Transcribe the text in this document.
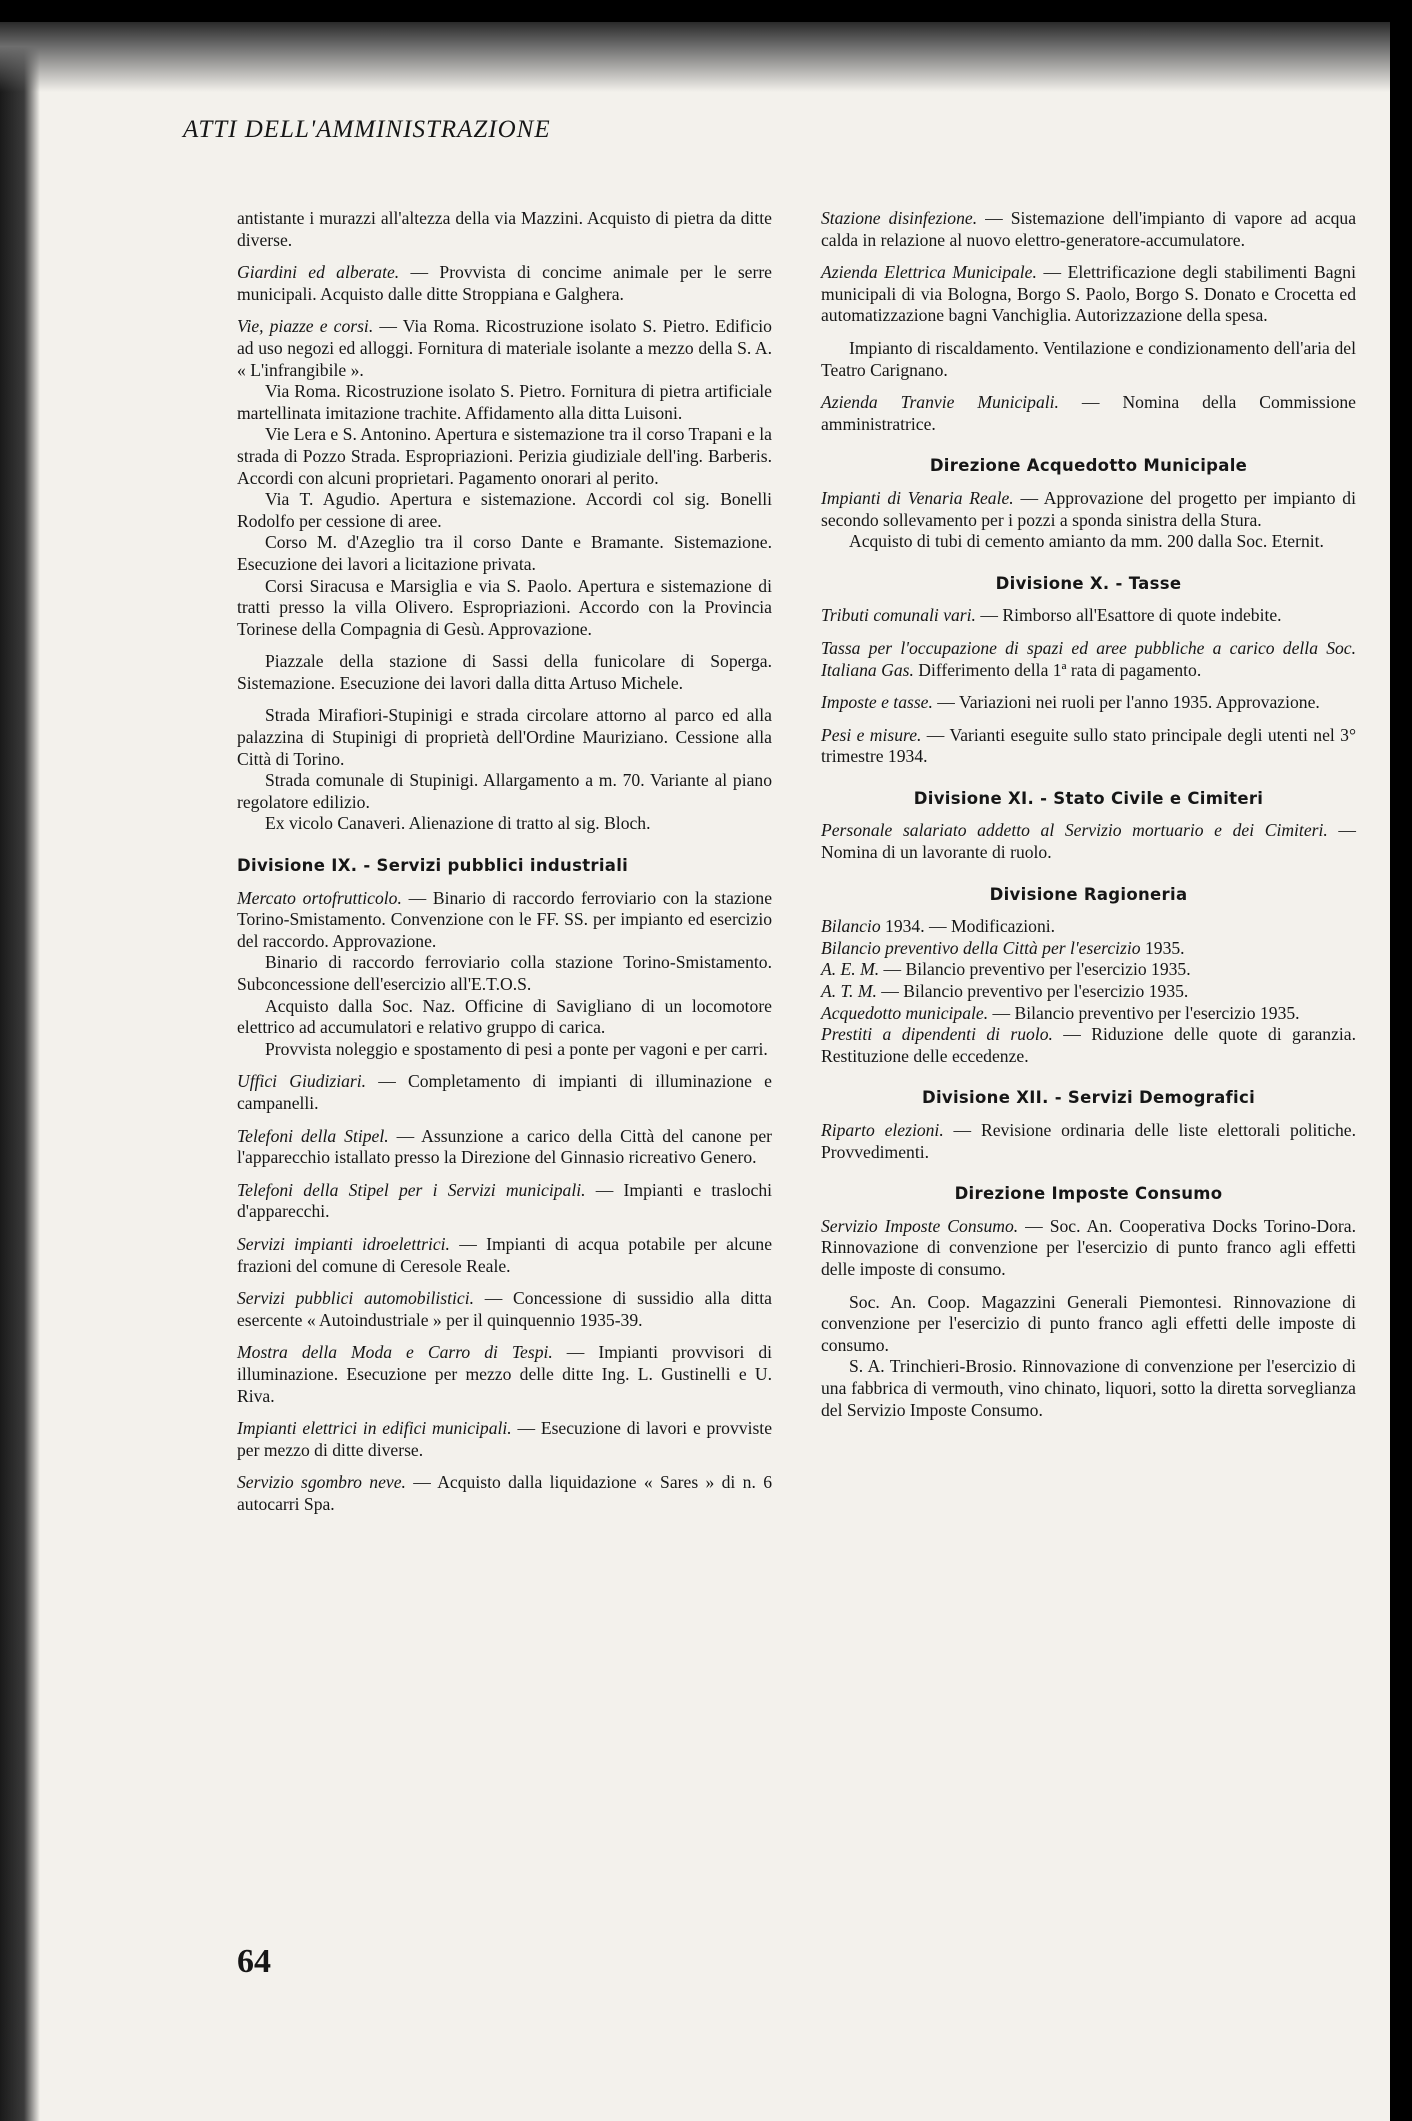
ATTI DELL'AMMINISTRAZIONE

antistante i murazzi all'altezza della via Mazzini. Acquisto di pietra da ditte diverse.

Giardini ed alberate. — Provvista di concime animale per le serre municipali. Acquisto dalle ditte Stroppiana e Galghera.

Vie, piazze e corsi. — Via Roma. Ricostruzione isolato S. Pietro. Edificio ad uso negozi ed alloggi. Fornitura di materiale isolante a mezzo della S. A. « L'infrangibile ».

Via Roma. Ricostruzione isolato S. Pietro. Fornitura di pietra artificiale martellinata imitazione trachite. Affidamento alla ditta Luisoni.

Vie Lera e S. Antonino. Apertura e sistemazione tra il corso Trapani e la strada di Pozzo Strada. Espropriazioni. Perizia giudiziale dell'ing. Barberis. Accordi con alcuni proprietari. Pagamento onorari al perito.

Via T. Agudio. Apertura e sistemazione. Accordi col sig. Bonelli Rodolfo per cessione di aree.

Corso M. d'Azeglio tra il corso Dante e Bramante. Sistemazione. Esecuzione dei lavori a licitazione privata.

Corsi Siracusa e Marsiglia e via S. Paolo. Apertura e sistemazione di tratti presso la villa Olivero. Espropriazioni. Accordo con la Provincia Torinese della Compagnia di Gesù. Approvazione.

Piazzale della stazione di Sassi della funicolare di Soperga. Sistemazione. Esecuzione dei lavori dalla ditta Artuso Michele.

Strada Mirafiori-Stupinigi e strada circolare attorno al parco ed alla palazzina di Stupinigi di proprietà dell'Ordine Mauriziano. Cessione alla Città di Torino.

Strada comunale di Stupinigi. Allargamento a m. 70. Variante al piano regolatore edilizio.

Ex vicolo Canaveri. Alienazione di tratto al sig. Bloch.

Divisione IX. - Servizi pubblici industriali

Mercato ortofrutticolo. — Binario di raccordo ferroviario con la stazione Torino-Smistamento. Convenzione con le FF. SS. per impianto ed esercizio del raccordo. Approvazione.

Binario di raccordo ferroviario colla stazione Torino-Smistamento. Subconcessione dell'esercizio all'E.T.O.S.

Acquisto dalla Soc. Naz. Officine di Savigliano di un locomotore elettrico ad accumulatori e relativo gruppo di carica.

Provvista noleggio e spostamento di pesi a ponte per vagoni e per carri.

Uffici Giudiziari. — Completamento di impianti di illuminazione e campanelli.

Telefoni della Stipel. — Assunzione a carico della Città del canone per l'apparecchio istallato presso la Direzione del Ginnasio ricreativo Genero.

Telefoni della Stipel per i Servizi municipali. — Impianti e traslochi d'apparecchi.

Servizi impianti idroelettrici. — Impianti di acqua potabile per alcune frazioni del comune di Ceresole Reale.

Servizi pubblici automobilistici. — Concessione di sussidio alla ditta esercente « Autoindustriale » per il quinquennio 1935-39.

Mostra della Moda e Carro di Tespi. — Impianti provvisori di illuminazione. Esecuzione per mezzo delle ditte Ing. L. Gustinelli e U. Riva.

Impianti elettrici in edifici municipali. — Esecuzione di lavori e provviste per mezzo di ditte diverse.

Servizio sgombro neve. — Acquisto dalla liquidazione « Sares » di n. 6 autocarri Spa.

Stazione disinfezione. — Sistemazione dell'impianto di vapore ad acqua calda in relazione al nuovo elettro-generatore-accumulatore.

Azienda Elettrica Municipale. — Elettrificazione degli stabilimenti Bagni municipali di via Bologna, Borgo S. Paolo, Borgo S. Donato e Crocetta ed automatizzazione bagni Vanchiglia. Autorizzazione della spesa.

Impianto di riscaldamento. Ventilazione e condizionamento dell'aria del Teatro Carignano.

Azienda Tranvie Municipali. — Nomina della Commissione amministratrice.

Direzione Acquedotto Municipale

Impianti di Venaria Reale. — Approvazione del progetto per impianto di secondo sollevamento per i pozzi a sponda sinistra della Stura.

Acquisto di tubi di cemento amianto da mm. 200 dalla Soc. Eternit.

Divisione X. - Tasse

Tributi comunali vari. — Rimborso all'Esattore di quote indebite.

Tassa per l'occupazione di spazi ed aree pubbliche a carico della Soc. Italiana Gas. Differimento della 1ª rata di pagamento.

Imposte e tasse. — Variazioni nei ruoli per l'anno 1935. Approvazione.

Pesi e misure. — Varianti eseguite sullo stato principale degli utenti nel 3° trimestre 1934.

Divisione XI. - Stato Civile e Cimiteri

Personale salariato addetto al Servizio mortuario e dei Cimiteri. — Nomina di un lavorante di ruolo.

Divisione Ragioneria

Bilancio 1934. — Modificazioni.

Bilancio preventivo della Città per l'esercizio 1935.

A. E. M. — Bilancio preventivo per l'esercizio 1935.

A. T. M. — Bilancio preventivo per l'esercizio 1935.

Acquedotto municipale. — Bilancio preventivo per l'esercizio 1935.

Prestiti a dipendenti di ruolo. — Riduzione delle quote di garanzia. Restituzione delle eccedenze.

Divisione XII. - Servizi Demografici

Riparto elezioni. — Revisione ordinaria delle liste elettorali politiche. Provvedimenti.

Direzione Imposte Consumo

Servizio Imposte Consumo. — Soc. An. Cooperativa Docks Torino-Dora. Rinnovazione di convenzione per l'esercizio di punto franco agli effetti delle imposte di consumo.

Soc. An. Coop. Magazzini Generali Piemontesi. Rinnovazione di convenzione per l'esercizio di punto franco agli effetti delle imposte di consumo.

S. A. Trinchieri-Brosio. Rinnovazione di convenzione per l'esercizio di una fabbrica di vermouth, vino chinato, liquori, sotto la diretta sorveglianza del Servizio Imposte Consumo.

64
